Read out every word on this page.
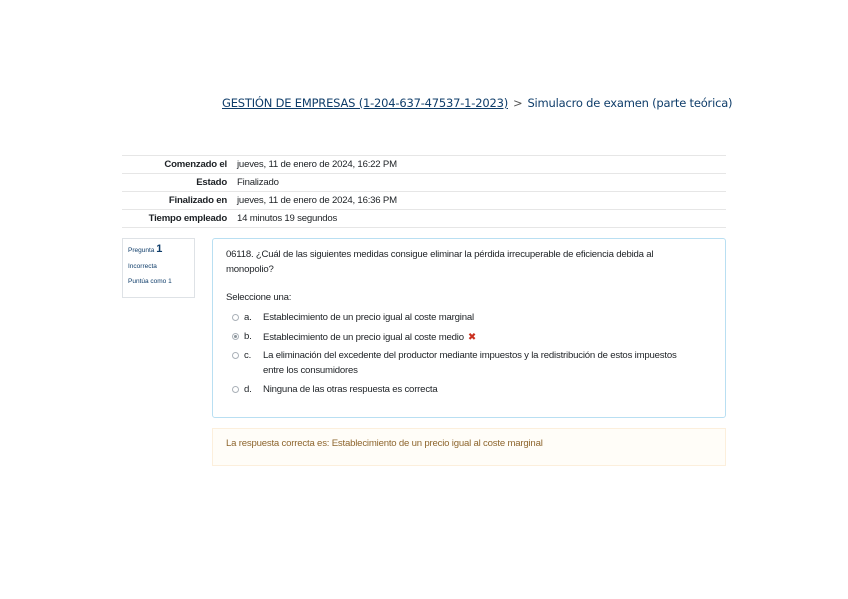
GESTIÓN DE EMPRESAS (1-204-637-47537-1-2023) > Simulacro de examen (parte teórica)
Comenzado el	jueves, 11 de enero de 2024, 16:22 PM
Estado	Finalizado
Finalizado en	jueves, 11 de enero de 2024, 16:36 PM
Tiempo empleado	14 minutos 19 segundos
Pregunta 1
Incorrecta
Puntúa como 1
06118. ¿Cuál de las siguientes medidas consigue eliminar la pérdida irrecuperable de eficiencia debida al monopolio?
Seleccione una:
a.	Establecimiento de un precio igual al coste marginal
b.	Establecimiento de un precio igual al coste medio ✖
c.	La eliminación del excedente del productor mediante impuestos y la redistribución de estos impuestos entre los consumidores
d.	Ninguna de las otras respuesta es correcta
La respuesta correcta es: Establecimiento de un precio igual al coste marginal
